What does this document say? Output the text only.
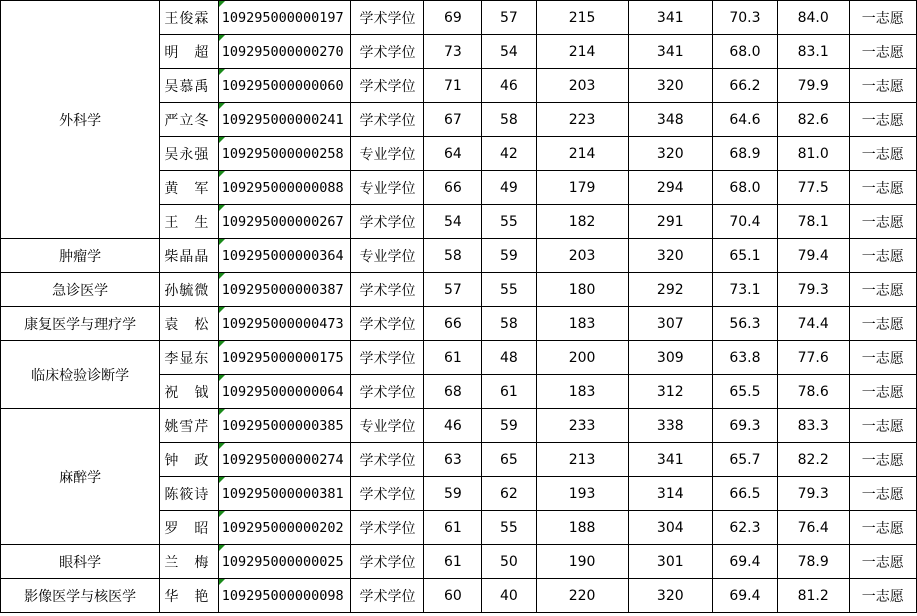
外科学	王俊霖	109295000000197	学术学位	69	57	215	341	70.3	84.0	一志愿
	明　超	109295000000270	学术学位	73	54	214	341	68.0	83.1	一志愿
	吴慕禹	109295000000060	学术学位	71	46	203	320	66.2	79.9	一志愿
	严立冬	109295000000241	学术学位	67	58	223	348	64.6	82.6	一志愿
	吴永强	109295000000258	专业学位	64	42	214	320	68.9	81.0	一志愿
	黄　军	109295000000088	专业学位	66	49	179	294	68.0	77.5	一志愿
	王　生	109295000000267	学术学位	54	55	182	291	70.4	78.1	一志愿
肿瘤学	柴晶晶	109295000000364	专业学位	58	59	203	320	65.1	79.4	一志愿
急诊医学	孙毓微	109295000000387	学术学位	57	55	180	292	73.1	79.3	一志愿
康复医学与理疗学	袁　松	109295000000473	学术学位	66	58	183	307	56.3	74.4	一志愿
临床检验诊断学	李显东	109295000000175	学术学位	61	48	200	309	63.8	77.6	一志愿
	祝　钺	109295000000064	学术学位	68	61	183	312	65.5	78.6	一志愿
麻醉学	姚雪芹	109295000000385	专业学位	46	59	233	338	69.3	83.3	一志愿
	钟　政	109295000000274	学术学位	63	65	213	341	65.7	82.2	一志愿
	陈筱诗	109295000000381	学术学位	59	62	193	314	66.5	79.3	一志愿
	罗　昭	109295000000202	学术学位	61	55	188	304	62.3	76.4	一志愿
眼科学	兰　梅	109295000000025	学术学位	61	50	190	301	69.4	78.9	一志愿
影像医学与核医学	华　艳	109295000000098	学术学位	60	40	220	320	69.4	81.2	一志愿
